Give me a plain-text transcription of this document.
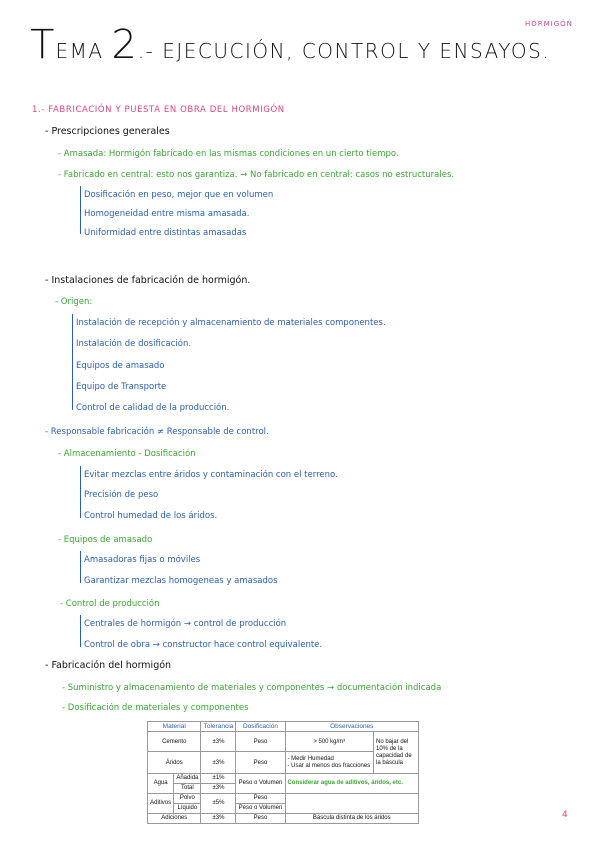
HORMIGÓN
TEMA 2.- EJECUCIÓN, CONTROL Y ENSAYOS.
1.- FABRICACIÓN Y PUESTA EN OBRA DEL HORMIGÓN
- Prescripciones generales
- Amasada: Hormigón fabricado en las mismas condiciones en un cierto tiempo.
- Fabricado en central: esto nos garantiza. → No fabricado en central: casos no estructurales.
Dosificación en peso, mejor que en volumen
Homogeneidad entre misma amasada.
Uniformidad entre distintas amasadas
- Instalaciones de fabricación de hormigón.
- Origen:
Instalación de recepción y almacenamiento de materiales componentes.
Instalación de dosificación.
Equipos de amasado
Equipo de Transporte
Control de calidad de la producción.
- Responsable fabricación ≠ Responsable de control.
- Almacenamiento - Dosificación
Evitar mezclas entre áridos y contaminación con el terreno.
Precisión de peso
Control humedad de los áridos.
- Equipos de amasado
Amasadoras fijas o móviles
Garantizar mezclas homogeneas y amasados
- Control de producción
Centrales de hormigón → control de producción
Control de obra → constructor hace control equivalente.
- Fabricación del hormigón
- Suministro y almacenamiento de materiales y componentes → documentación indicada
- Dosificación de materiales y componentes
Material		Tolerancia	Dosificación	Observaciones	
Cemento		±3%	Peso	> 500 kg/m³	No bajar del 10% de la capacidad de la báscula
Áridos		±3%	Peso	- Medir Humedad
- Usar al menos dos fracciones	
Agua	Añadida	±1%	Peso o Volumen	Considerar agua de aditivos, áridos, etc.	
	Total	±3%			
Aditivos	Polvo	±5%	Peso		
	Líquido		Peso o Volumen		
Adiciones		±3%	Peso	Báscula distinta de los áridos		4
